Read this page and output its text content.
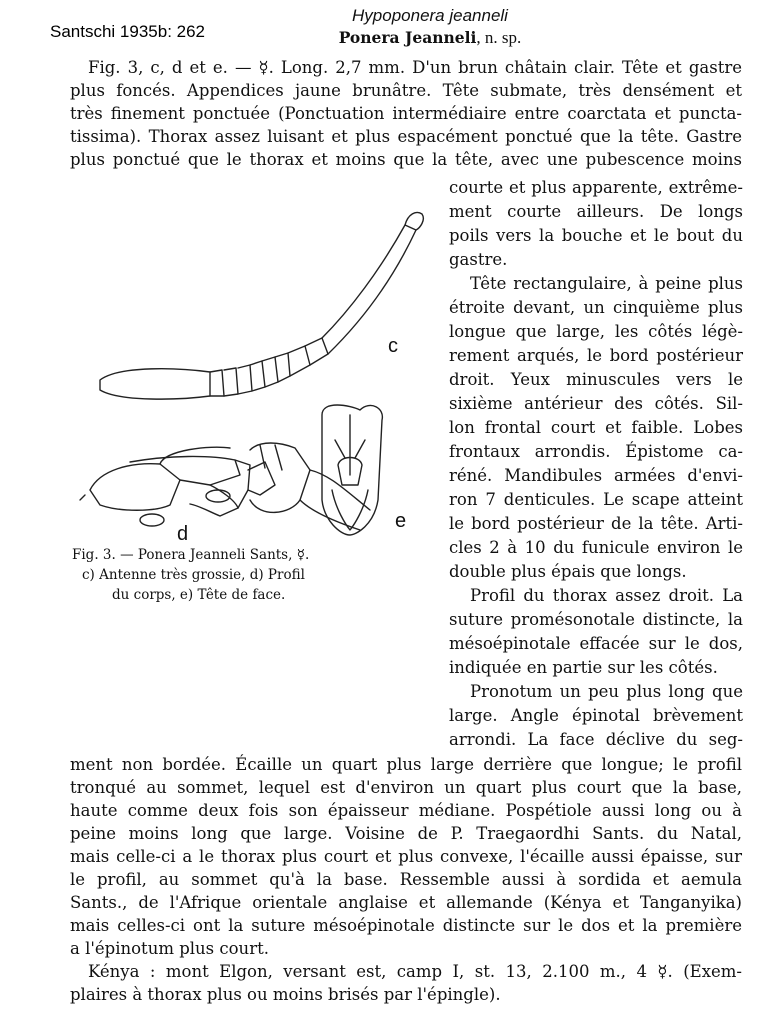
Santschi 1935b: 262
Hypoponera jeanneli
Ponera Jeanneli, n. sp.
Fig. 3, c, d et e. — ☿. Long. 2,7 mm. D'un brun châtain clair. Tête et gastre
plus foncés. Appendices jaune brunâtre. Tête submate, très densément et
très finement ponctuée (Ponctuation intermédiaire entre coarctata et puncta-
tissima). Thorax assez luisant et plus espacément ponctué que la tête. Gastre
plus ponctué que le thorax et moins que la tête, avec une pubescence moins
courte et plus apparente, extrême-
ment courte ailleurs. De longs
poils vers la bouche et le bout du
gastre.
Tête rectangulaire, à peine plus
étroite devant, un cinquième plus
longue que large, les côtés légè-
rement arqués, le bord postérieur
droit. Yeux minuscules vers le
sixième antérieur des côtés. Sil-
lon frontal court et faible. Lobes
frontaux arrondis. Épistome ca-
réné. Mandibules armées d'envi-
ron 7 denticules. Le scape atteint
le bord postérieur de la tête. Arti-
cles 2 à 10 du funicule environ le
double plus épais que longs.
Profil du thorax assez droit. La
suture promésonotale distincte, la
mésoépinotale effacée sur le dos,
indiquée en partie sur les côtés.
Pronotum un peu plus long que
large. Angle épinotal brèvement
arrondi. La face déclive du seg-
ment non bordée. Écaille un quart plus large derrière que longue; le profil
tronqué au sommet, lequel est d'environ un quart plus court que la base,
haute comme deux fois son épaisseur médiane. Pospétiole aussi long ou à
peine moins long que large. Voisine de P. Traegaordhi Sants. du Natal,
mais celle-ci a le thorax plus court et plus convexe, l'écaille aussi épaisse, sur
le profil, au sommet qu'à la base. Ressemble aussi à sordida et aemula
Sants., de l'Afrique orientale anglaise et allemande (Kénya et Tanganyika)
mais celles-ci ont la suture mésoépinotale distincte sur le dos et la première
a l'épinotum plus court.
Kénya : mont Elgon, versant est, camp I, st. 13, 2.100 m., 4 ☿. (Exem-
plaires à thorax plus ou moins brisés par l'épingle).
c
d
e
Fig. 3. — Ponera Jeanneli Sants, ☿.
c) Antenne très grossie, d) Profil
du corps, e) Tête de face.
